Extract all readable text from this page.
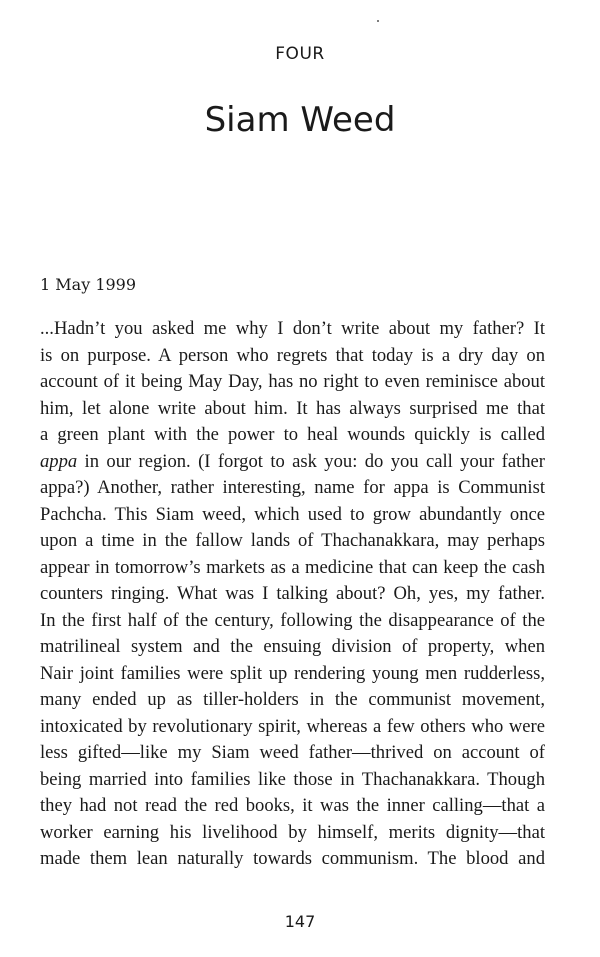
FOUR
Siam Weed
1 May 1999
...Hadn’t you asked me why I don’t write about my father? It
is on purpose. A person who regrets that today is a dry day on
account of it being May Day, has no right to even reminisce about
him, let alone write about him. It has always surprised me that
a green plant with the power to heal wounds quickly is called
appa in our region. (I forgot to ask you: do you call your father
appa?) Another, rather interesting, name for appa is Communist
Pachcha. This Siam weed, which used to grow abundantly once
upon a time in the fallow lands of Thachanakkara, may perhaps
appear in tomorrow’s markets as a medicine that can keep the cash
counters ringing. What was I talking about? Oh, yes, my father.
In the first half of the century, following the disappearance of the
matrilineal system and the ensuing division of property, when
Nair joint families were split up rendering young men rudderless,
many ended up as tiller-holders in the communist movement,
intoxicated by revolutionary spirit, whereas a few others who were
less gifted—like my Siam weed father—thrived on account of
being married into families like those in Thachanakkara. Though
they had not read the red books, it was the inner calling—that a
worker earning his livelihood by himself, merits dignity—that
made them lean naturally towards communism. The blood and
147
